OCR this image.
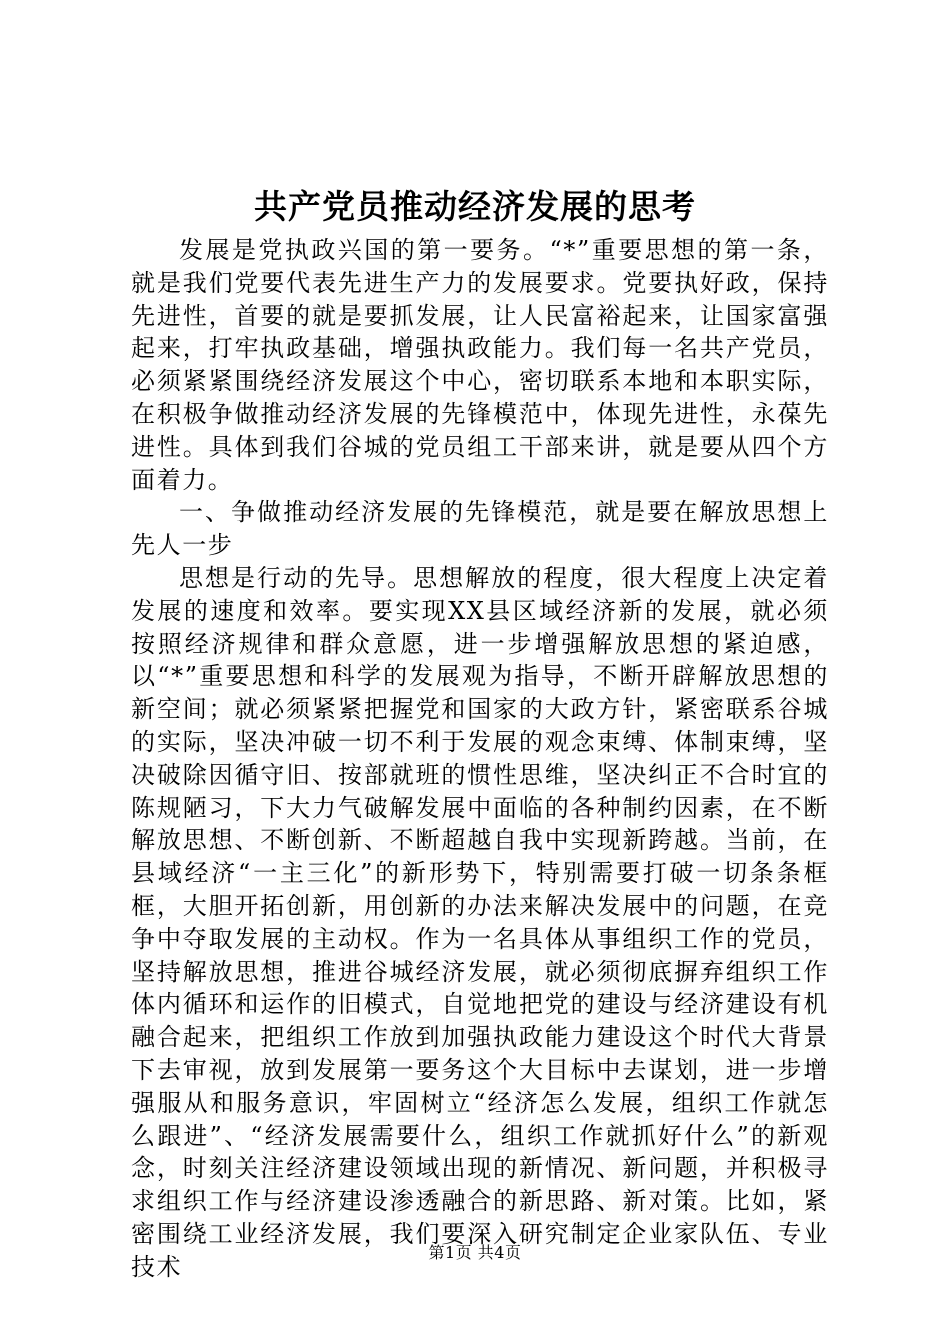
共产党员推动经济发展的思考

发展是党执政兴国的第一要务。“*”重要思想的第一条，就是我们党要代表先进生产力的发展要求。党要执好政，保持先进性，首要的就是要抓发展，让人民富裕起来，让国家富强起来，打牢执政基础，增强执政能力。我们每一名共产党员，必须紧紧围绕经济发展这个中心，密切联系本地和本职实际，在积极争做推动经济发展的先锋模范中，体现先进性，永葆先进性。具体到我们谷城的党员组工干部来讲，就是要从四个方面着力。

一、争做推动经济发展的先锋模范，就是要在解放思想上先人一步

思想是行动的先导。思想解放的程度，很大程度上决定着发展的速度和效率。要实现XX县区域经济新的发展，就必须按照经济规律和群众意愿，进一步增强解放思想的紧迫感，以“*”重要思想和科学的发展观为指导，不断开辟解放思想的新空间；就必须紧紧把握党和国家的大政方针，紧密联系谷城的实际，坚决冲破一切不利于发展的观念束缚、体制束缚，坚决破除因循守旧、按部就班的惯性思维，坚决纠正不合时宜的陈规陋习，下大力气破解发展中面临的各种制约因素，在不断解放思想、不断创新、不断超越自我中实现新跨越。当前，在县域经济“一主三化”的新形势下，特别需要打破一切条条框框，大胆开拓创新，用创新的办法来解决发展中的问题，在竞争中夺取发展的主动权。作为一名具体从事组织工作的党员，坚持解放思想，推进谷城经济发展，就必须彻底摒弃组织工作体内循环和运作的旧模式，自觉地把党的建设与经济建设有机融合起来，把组织工作放到加强执政能力建设这个时代大背景下去审视，放到发展第一要务这个大目标中去谋划，进一步增强服从和服务意识，牢固树立“经济怎么发展，组织工作就怎么跟进”、“经济发展需要什么，组织工作就抓好什么”的新观念，时刻关注经济建设领域出现的新情况、新问题，并积极寻求组织工作与经济建设渗透融合的新思路、新对策。比如，紧密围绕工业经济发展，我们要深入研究制定企业家队伍、专业技术

第1页 共4页
